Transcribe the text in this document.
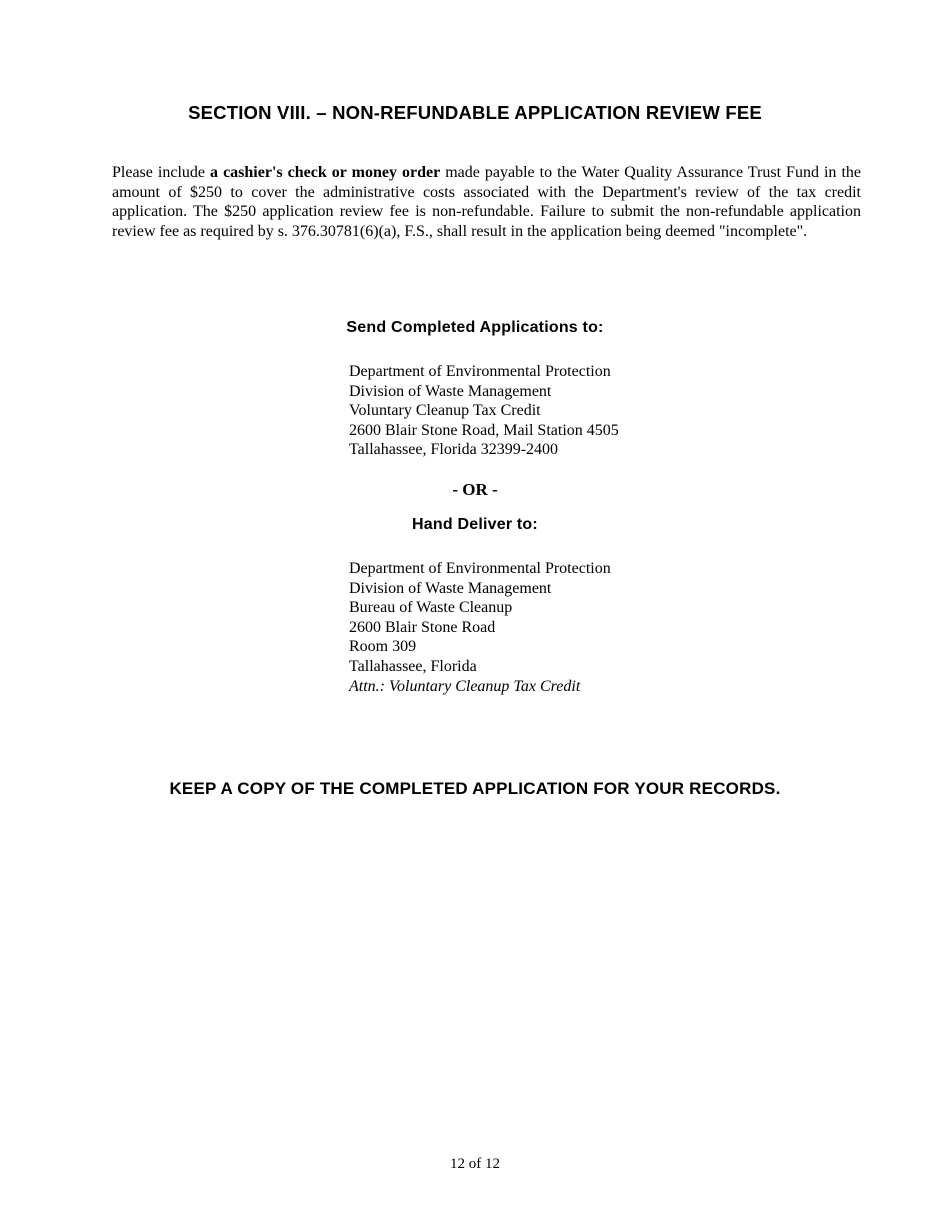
SECTION VIII. – NON-REFUNDABLE APPLICATION REVIEW FEE
Please include a cashier's check or money order made payable to the Water Quality Assurance Trust Fund in the amount of $250 to cover the administrative costs associated with the Department's review of the tax credit application. The $250 application review fee is non-refundable. Failure to submit the non-refundable application review fee as required by s. 376.30781(6)(a), F.S., shall result in the application being deemed "incomplete".
Send Completed Applications to:
Department of Environmental Protection
Division of Waste Management
Voluntary Cleanup Tax Credit
2600 Blair Stone Road, Mail Station 4505
Tallahassee, Florida 32399-2400
- OR -
Hand Deliver to:
Department of Environmental Protection
Division of Waste Management
Bureau of Waste Cleanup
2600 Blair Stone Road
Room 309
Tallahassee, Florida
Attn.: Voluntary Cleanup Tax Credit
KEEP A COPY OF THE COMPLETED APPLICATION FOR YOUR RECORDS.
12 of 12
